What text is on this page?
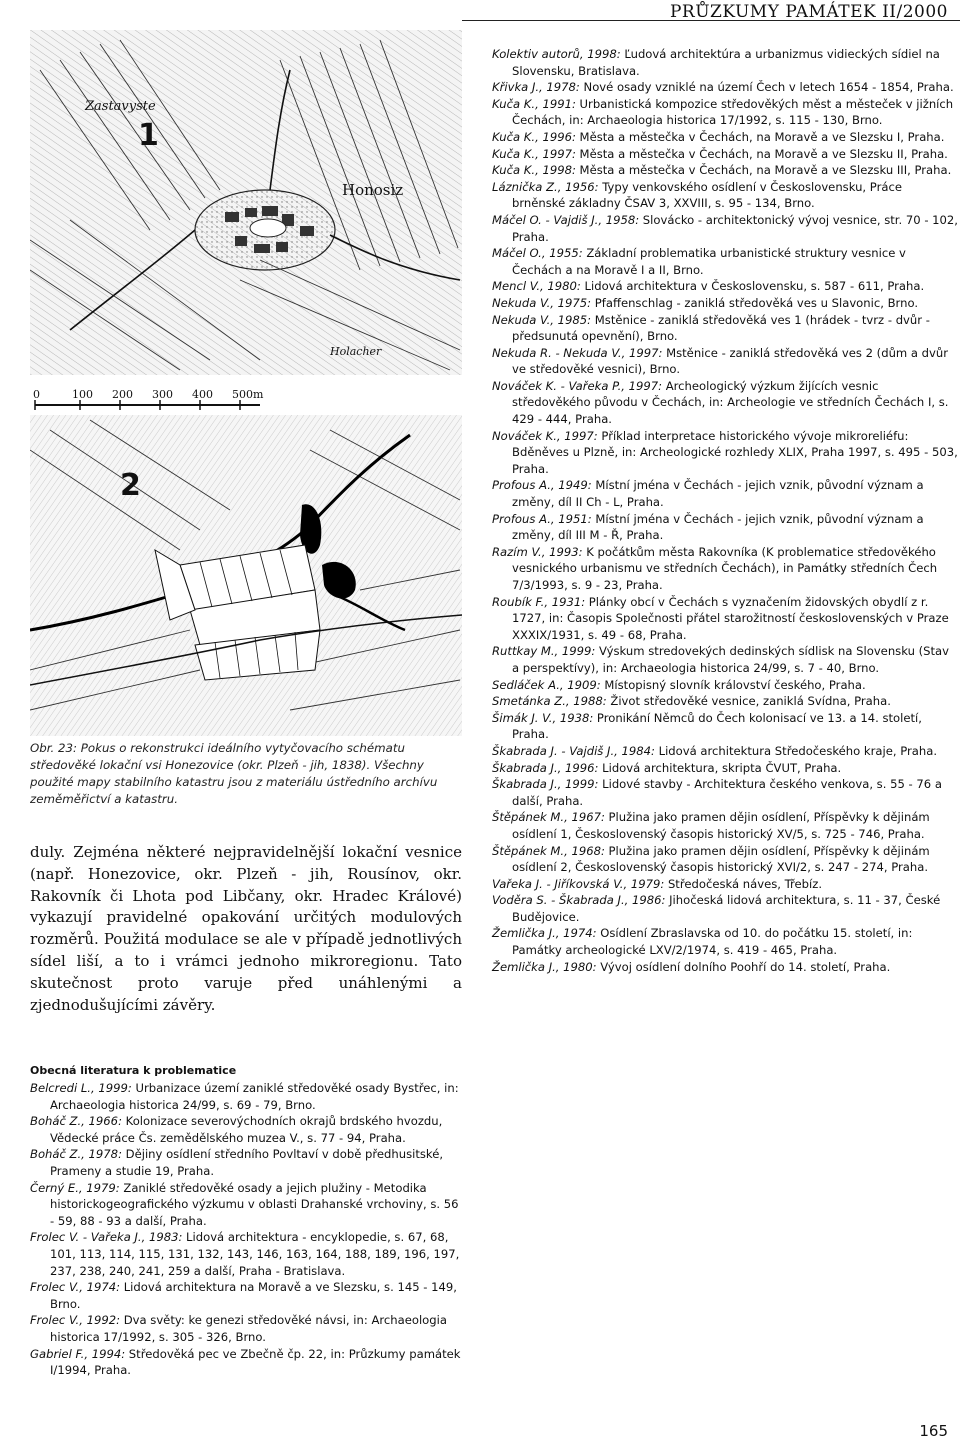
PRŮZKUMY PAMÁTEK II/2000
Zastavyste
1
Honosiz
Holacher
0	100 200 300 400 500m
2
Obr. 23: Pokus o rekonstrukci ideálního vytyčovacího schématu středověké lokační vsi Honezovice (okr. Plzeň - jih, 1838). Všechny použité mapy stabilního katastru jsou z materiálu ústředního archívu zeměměřictví a katastru.
duly. Zejména některé nejpravidelnější lokační vesnice (např. Honezovice, okr. Plzeň - jih, Rousínov, okr. Rakovník či Lhota pod Libčany, okr. Hradec Králové) vykazují pravidelné opakování určitých modulových rozměrů. Použitá modulace se ale v případě jednotlivých sídel liší, a to i vrámci jednoho mikroregionu. Tato skutečnost proto varuje před unáhlenými a zjednodušujícími závěry.
Obecná literatura k problematice

Belcredi L., 1999: Urbanizace území zaniklé středověké osady Bystřec, in: Archaeologia historica 24/99, s. 69 - 79, Brno.

Boháč Z., 1966: Kolonizace severovýchodních okrajů brdského hvozdu, Vědecké práce Čs. zemědělského muzea V., s. 77 - 94, Praha.

Boháč Z., 1978: Dějiny osídlení středního Povltaví v době předhusitské, Prameny a studie 19, Praha.

Černý E., 1979: Zaniklé středověké osady a jejich plužiny - Metodika historickogeografického výzkumu v oblasti Drahanské vrchoviny, s. 56 - 59, 88 - 93 a další, Praha.

Frolec V. - Vařeka J., 1983: Lidová architektura - encyklopedie, s. 67, 68, 101, 113, 114, 115, 131, 132, 143, 146, 163, 164, 188, 189, 196, 197, 237, 238, 240, 241, 259 a další, Praha - Bratislava.

Frolec V., 1974: Lidová architektura na Moravě a ve Slezsku, s. 145 - 149, Brno.

Frolec V., 1992: Dva světy: ke genezi středověké návsi, in: Archaeologia historica 17/1992, s. 305 - 326, Brno.

Gabriel F., 1994: Středověká pec ve Zbečně čp. 22, in: Průzkumy památek I/1994, Praha.

Kolektiv autorů, 1998: Ľudová architektúra a urbanizmus vidieckých sídiel na Slovensku, Bratislava.

Křivka J., 1978: Nové osady vzniklé na území Čech v letech 1654 - 1854, Praha.

Kuča K., 1991: Urbanistická kompozice středověkých měst a městeček v jižních Čechách, in: Archaeologia historica 17/1992, s. 115 - 130, Brno.

Kuča K., 1996: Města a městečka v Čechách, na Moravě a ve Slezsku I, Praha.

Kuča K., 1997: Města a městečka v Čechách, na Moravě a ve Slezsku II, Praha.

Kuča K., 1998: Města a městečka v Čechách, na Moravě a ve Slezsku III, Praha.

Láznička Z., 1956: Typy venkovského osídlení v Československu, Práce brněnské základny ČSAV 3, XXVIII, s. 95 - 134, Brno.

Máčel O. - Vajdiš J., 1958: Slovácko - architektonický vývoj vesnice, str. 70 - 102, Praha.

Máčel O., 1955: Základní problematika urbanistické struktury vesnice v Čechách a na Moravě I a II, Brno.

Mencl V., 1980: Lidová architektura v Československu, s. 587 - 611, Praha.

Nekuda V., 1975: Pfaffenschlag - zaniklá středověká ves u Slavonic, Brno.

Nekuda V., 1985: Mstěnice - zaniklá středověká ves 1 (hrádek - tvrz - dvůr - předsunutá opevnění), Brno.

Nekuda R. - Nekuda V., 1997: Mstěnice - zaniklá středověká ves 2 (dům a dvůr ve středověké vesnici), Brno.

Nováček K. - Vařeka P., 1997: Archeologický výzkum žijících vesnic středověkého původu v Čechách, in: Archeologie ve středních Čechách I, s. 429 - 444, Praha.

Nováček K., 1997: Příklad interpretace historického vývoje mikroreliéfu: Bděněves u Plzně, in: Archeologické rozhledy XLIX, Praha 1997, s. 495 - 503, Praha.

Profous A., 1949: Místní jména v Čechách - jejich vznik, původní význam a změny, díl II Ch - L, Praha.

Profous A., 1951: Místní jména v Čechách - jejich vznik, původní význam a změny, díl III M - Ř, Praha.

Razím V., 1993: K počátkům města Rakovníka (K problematice středověkého vesnického urbanismu ve středních Čechách), in Památky středních Čech 7/3/1993, s. 9 - 23, Praha.

Roubík F., 1931: Plánky obcí v Čechách s vyznačením židovských obydlí z r. 1727, in: Časopis Společnosti přátel starožitností československých v Praze XXXIX/1931, s. 49 - 68, Praha.

Ruttkay M., 1999: Výskum stredovekých dedinských sídlisk na Slovensku (Stav a perspektívy), in: Archaeologia historica 24/99, s. 7 - 40, Brno.

Sedláček A., 1909: Místopisný slovník království českého, Praha.

Smetánka Z., 1988: Život středověké vesnice, zaniklá Svídna, Praha.

Šimák J. V., 1938: Pronikání Němců do Čech kolonisací ve 13. a 14. století, Praha.

Škabrada J. - Vajdiš J., 1984: Lidová architektura Středočeského kraje, Praha.

Škabrada J., 1996: Lidová architektura, skripta ČVUT, Praha.

Škabrada J., 1999: Lidové stavby - Architektura českého venkova, s. 55 - 76 a další, Praha.

Štěpánek M., 1967: Plužina jako pramen dějin osídlení, Příspěvky k dějinám osídlení 1, Československý časopis historický XV/5, s. 725 - 746, Praha.

Štěpánek M., 1968: Plužina jako pramen dějin osídlení, Příspěvky k dějinám osídlení 2, Československý časopis historický XVI/2, s. 247 - 274, Praha.

Vařeka J. - Jiříkovská V., 1979: Středočeská náves, Třebíz.

Voděra S. - Škabrada J., 1986: Jihočeská lidová architektura, s. 11 - 37, České Budějovice.

Žemlička J., 1974: Osídlení Zbraslavska od 10. do počátku 15. století, in: Památky archeologické LXV/2/1974, s. 419 - 465, Praha.

Žemlička J., 1980: Vývoj osídlení dolního Poohří do 14. století, Praha.

165
